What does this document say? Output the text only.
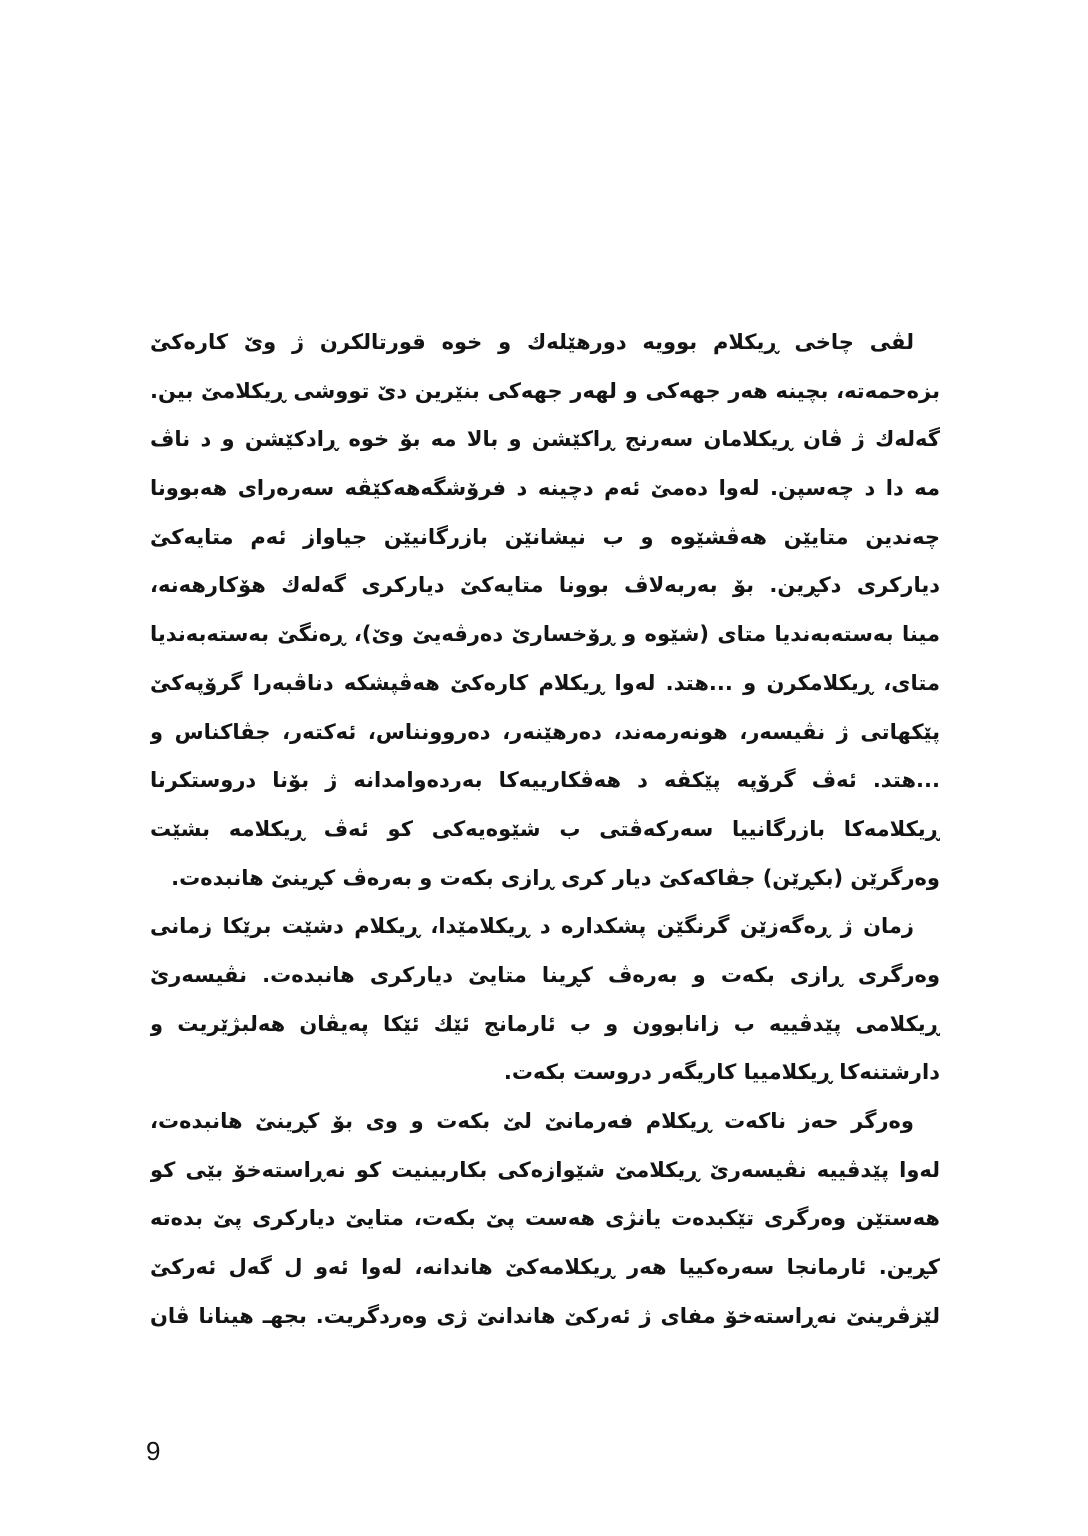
لڤى چاخى ڕيكلام بوويە دورهێلەك و خوە قورتالكرن ژ وێ كارەكێ
بزەحمەتە، بچينە هەر جهەكى و لهەر جهەكى بنێرين دێ تووشى ڕيكلامێ بين.
گەلەك ژ ڤان ڕيكلامان سەرنج ڕاكێشن و بالا مە بۆ خوە ڕادكێشن و د ناڤ
مە دا د چەسپن. لەوا دەمێ ئەم دچينە د فرۆشگەهەكێڤە سەرەراى هەبوونا
چەندين متايێن هەڤشێوە و ب نيشانێن بازرگانيێن جياواز ئەم متايەكێ
دياركرى دكڕين. بۆ بەربەلاڤ بوونا متايەكێ دياركرى گەلەك هۆكارهەنە،
مينا بەستەبەنديا متاى (شێوە و ڕۆخسارێ دەرڤەيێ وێ)، ڕەنگێ بەستەبەنديا
متاى، ڕيكلامكرن و ...هتد. لەوا ڕيكلام كارەكێ هەڤپشكە دناڤبەرا گرۆپەكێ
پێكهاتى ژ نڤيسەر، هونەرمەند، دەرهێنەر، دەروونناس، ئەكتەر، جڤاكناس و
...هتد. ئەڤ گرۆپە پێكڤە د هەڤكارييەكا بەردەوامدانە ژ بۆنا دروستكرنا
ڕيكلامەكا بازرگانييا سەركەڤتى ب شێوەيەكى كو ئەڤ ڕيكلامە بشێت
وەرگرێن (بكڕێن) جڤاكەكێ ديار كرى ڕازى بكەت و بەرەڤ كڕينێ هانبدەت.
زمان ژ ڕەگەزێن گرنگێن پشكدارە د ڕيكلامێدا، ڕيكلام دشێت برێكا زمانى
وەرگرى ڕازى بكەت و بەرەڤ كڕينا متايێ دياركرى هانبدەت. نڤيسەرێ
ڕيكلامى پێدڤييە ب زانابوون و ب ئارمانج ئێك ئێكا پەيڤان هەلبژێريت و
دارشتنەكا ڕيكلامييا كاريگەر دروست بكەت.
وەرگر حەز ناكەت ڕيكلام فەرمانێ لێ بكەت و وى بۆ كڕينێ هانبدەت،
لەوا پێدڤييە نڤيسەرێ ڕيكلامێ شێوازەكى بكاربينيت كو نەڕاستەخۆ بێى كو
هەستێن وەرگرى تێكبدەت يانژى هەست پێ بكەت، متايێ دياركرى پێ بدەتە
كڕين. ئارمانجا سەرەكييا هەر ڕيكلامەكێ هاندانە، لەوا ئەو ل گەل ئەركێ
لێزڤرينێ نەڕاستەخۆ مفاى ژ ئەركێ هاندانێ ژى وەردگريت. بجهـ هينانا ڤان
9
